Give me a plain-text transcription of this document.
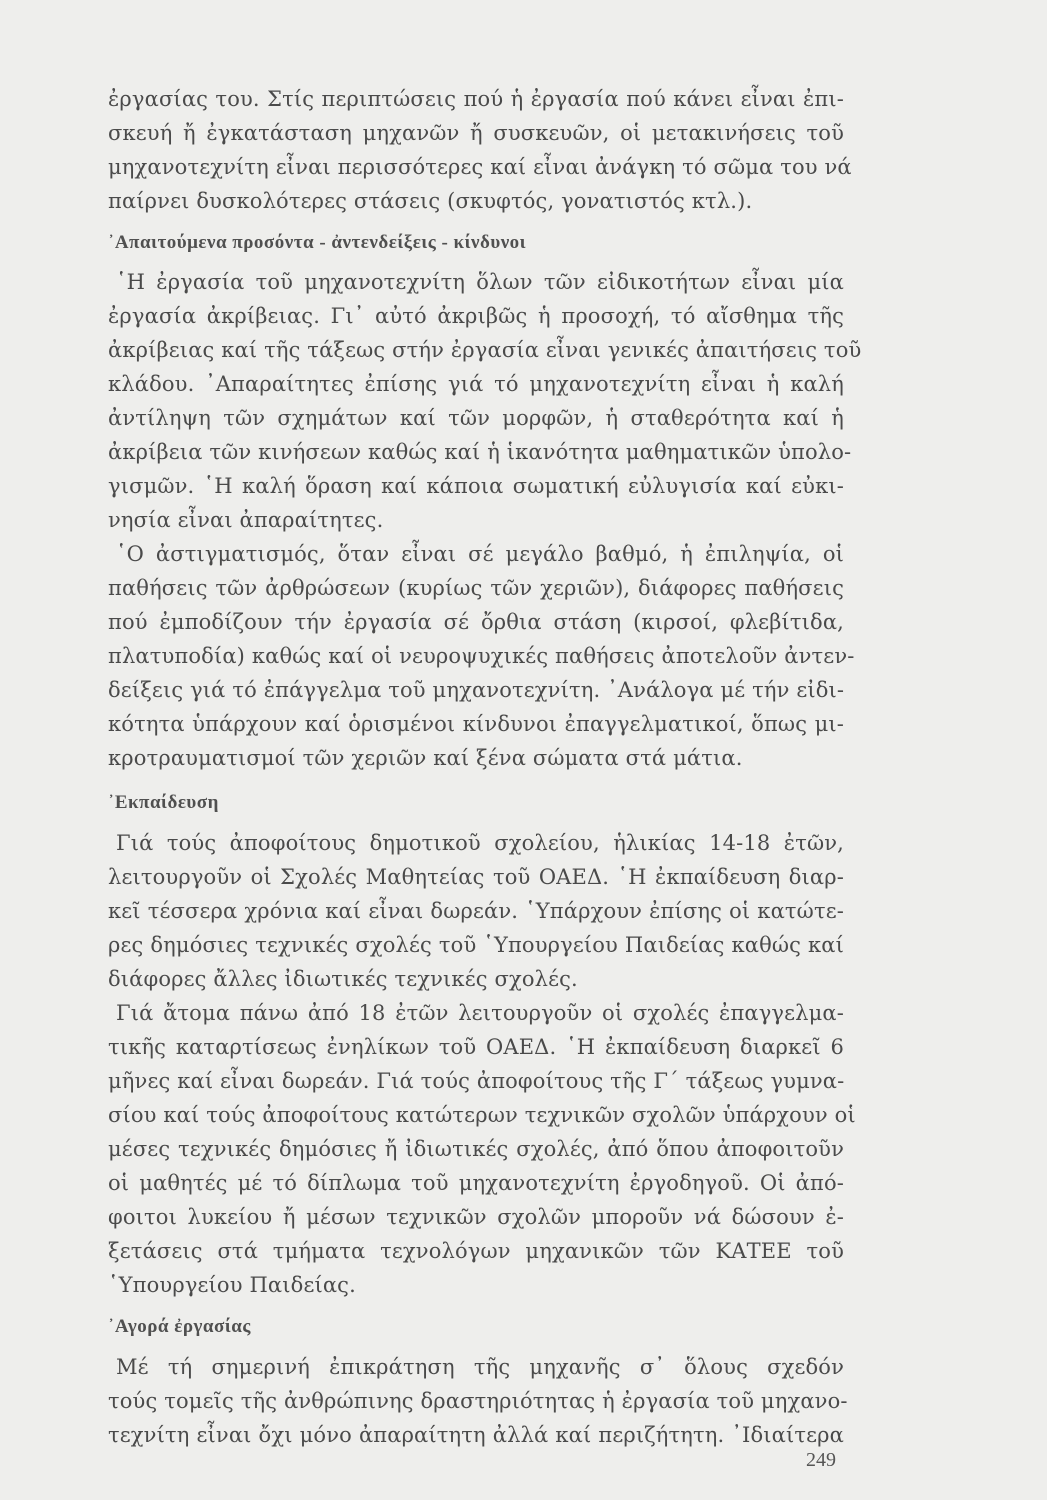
ἐργασίας του. Στίς περιπτώσεις πού ἡ ἐργασία πού κάνει εἶναι ἐπι-
σκευή ἤ ἐγκατάσταση μηχανῶν ἤ συσκευῶν, οἱ μετακινήσεις τοῦ
μηχανοτεχνίτη εἶναι περισσότερες καί εἶναι ἀνάγκη τό σῶμα του νά
παίρνει δυσκολότερες στάσεις (σκυφτός, γονατιστός κτλ.).
᾿Απαιτούμενα προσόντα - ἀντενδείξεις - κίνδυνοι
῾Η ἐργασία τοῦ μηχανοτεχνίτη ὅλων τῶν εἰδικοτήτων εἶναι μία
ἐργασία ἀκρίβειας. Γι᾿ αὐτό ἀκριβῶς ἡ προσοχή, τό αἴσθημα τῆς
ἀκρίβειας καί τῆς τάξεως στήν ἐργασία εἶναι γενικές ἀπαιτήσεις τοῦ
κλάδου. ᾿Απαραίτητες ἐπίσης γιά τό μηχανοτεχνίτη εἶναι ἡ καλή
ἀντίληψη τῶν σχημάτων καί τῶν μορφῶν, ἡ σταθερότητα καί ἡ
ἀκρίβεια τῶν κινήσεων καθώς καί ἡ ἱκανότητα μαθηματικῶν ὑπολο-
γισμῶν. ῾Η καλή ὅραση καί κάποια σωματική εὐλυγισία καί εὐκι-
νησία εἶναι ἀπαραίτητες.
῾Ο ἀστιγματισμός, ὅταν εἶναι σέ μεγάλο βαθμό, ἡ ἐπιληψία, οἱ
παθήσεις τῶν ἀρθρώσεων (κυρίως τῶν χεριῶν), διάφορες παθήσεις
πού ἐμποδίζουν τήν ἐργασία σέ ὄρθια στάση (κιρσοί, φλεβίτιδα,
πλατυποδία) καθώς καί οἱ νευροψυχικές παθήσεις ἀποτελοῦν ἀντεν-
δείξεις γιά τό ἐπάγγελμα τοῦ μηχανοτεχνίτη. ᾿Ανάλογα μέ τήν εἰδι-
κότητα ὑπάρχουν καί ὁρισμένοι κίνδυνοι ἐπαγγελματικοί, ὅπως μι-
κροτραυματισμοί τῶν χεριῶν καί ξένα σώματα στά μάτια.
᾿Εκπαίδευση
Γιά τούς ἀποφοίτους δημοτικοῦ σχολείου, ἡλικίας 14-18 ἐτῶν,
λειτουργοῦν οἱ Σχολές Μαθητείας τοῦ ΟΑΕΔ. ῾Η ἐκπαίδευση διαρ-
κεῖ τέσσερα χρόνια καί εἶναι δωρεάν. ῾Υπάρχουν ἐπίσης οἱ κατώτε-
ρες δημόσιες τεχνικές σχολές τοῦ ῾Υπουργείου Παιδείας καθώς καί
διάφορες ἄλλες ἰδιωτικές τεχνικές σχολές.
Γιά ἄτομα πάνω ἀπό 18 ἐτῶν λειτουργοῦν οἱ σχολές ἐπαγγελμα-
τικῆς καταρτίσεως ἐνηλίκων τοῦ ΟΑΕΔ. ῾Η ἐκπαίδευση διαρκεῖ 6
μῆνες καί εἶναι δωρεάν. Γιά τούς ἀποφοίτους τῆς Γ΄ τάξεως γυμνα-
σίου καί τούς ἀποφοίτους κατώτερων τεχνικῶν σχολῶν ὑπάρχουν οἱ
μέσες τεχνικές δημόσιες ἤ ἰδιωτικές σχολές, ἀπό ὅπου ἀποφοιτοῦν
οἱ μαθητές μέ τό δίπλωμα τοῦ μηχανοτεχνίτη ἐργοδηγοῦ. Οἱ ἀπό-
φοιτοι λυκείου ἤ μέσων τεχνικῶν σχολῶν μποροῦν νά δώσουν ἐ-
ξετάσεις στά τμήματα τεχνολόγων μηχανικῶν τῶν ΚΑΤΕΕ τοῦ
῾Υπουργείου Παιδείας.
᾿Αγορά ἐργασίας
Μέ τή σημερινή ἐπικράτηση τῆς μηχανῆς σ᾿ ὅλους σχεδόν
τούς τομεῖς τῆς ἀνθρώπινης δραστηριότητας ἡ ἐργασία τοῦ μηχανο-
τεχνίτη εἶναι ὄχι μόνο ἀπαραίτητη ἀλλά καί περιζήτητη. ᾿Ιδιαίτερα
249
